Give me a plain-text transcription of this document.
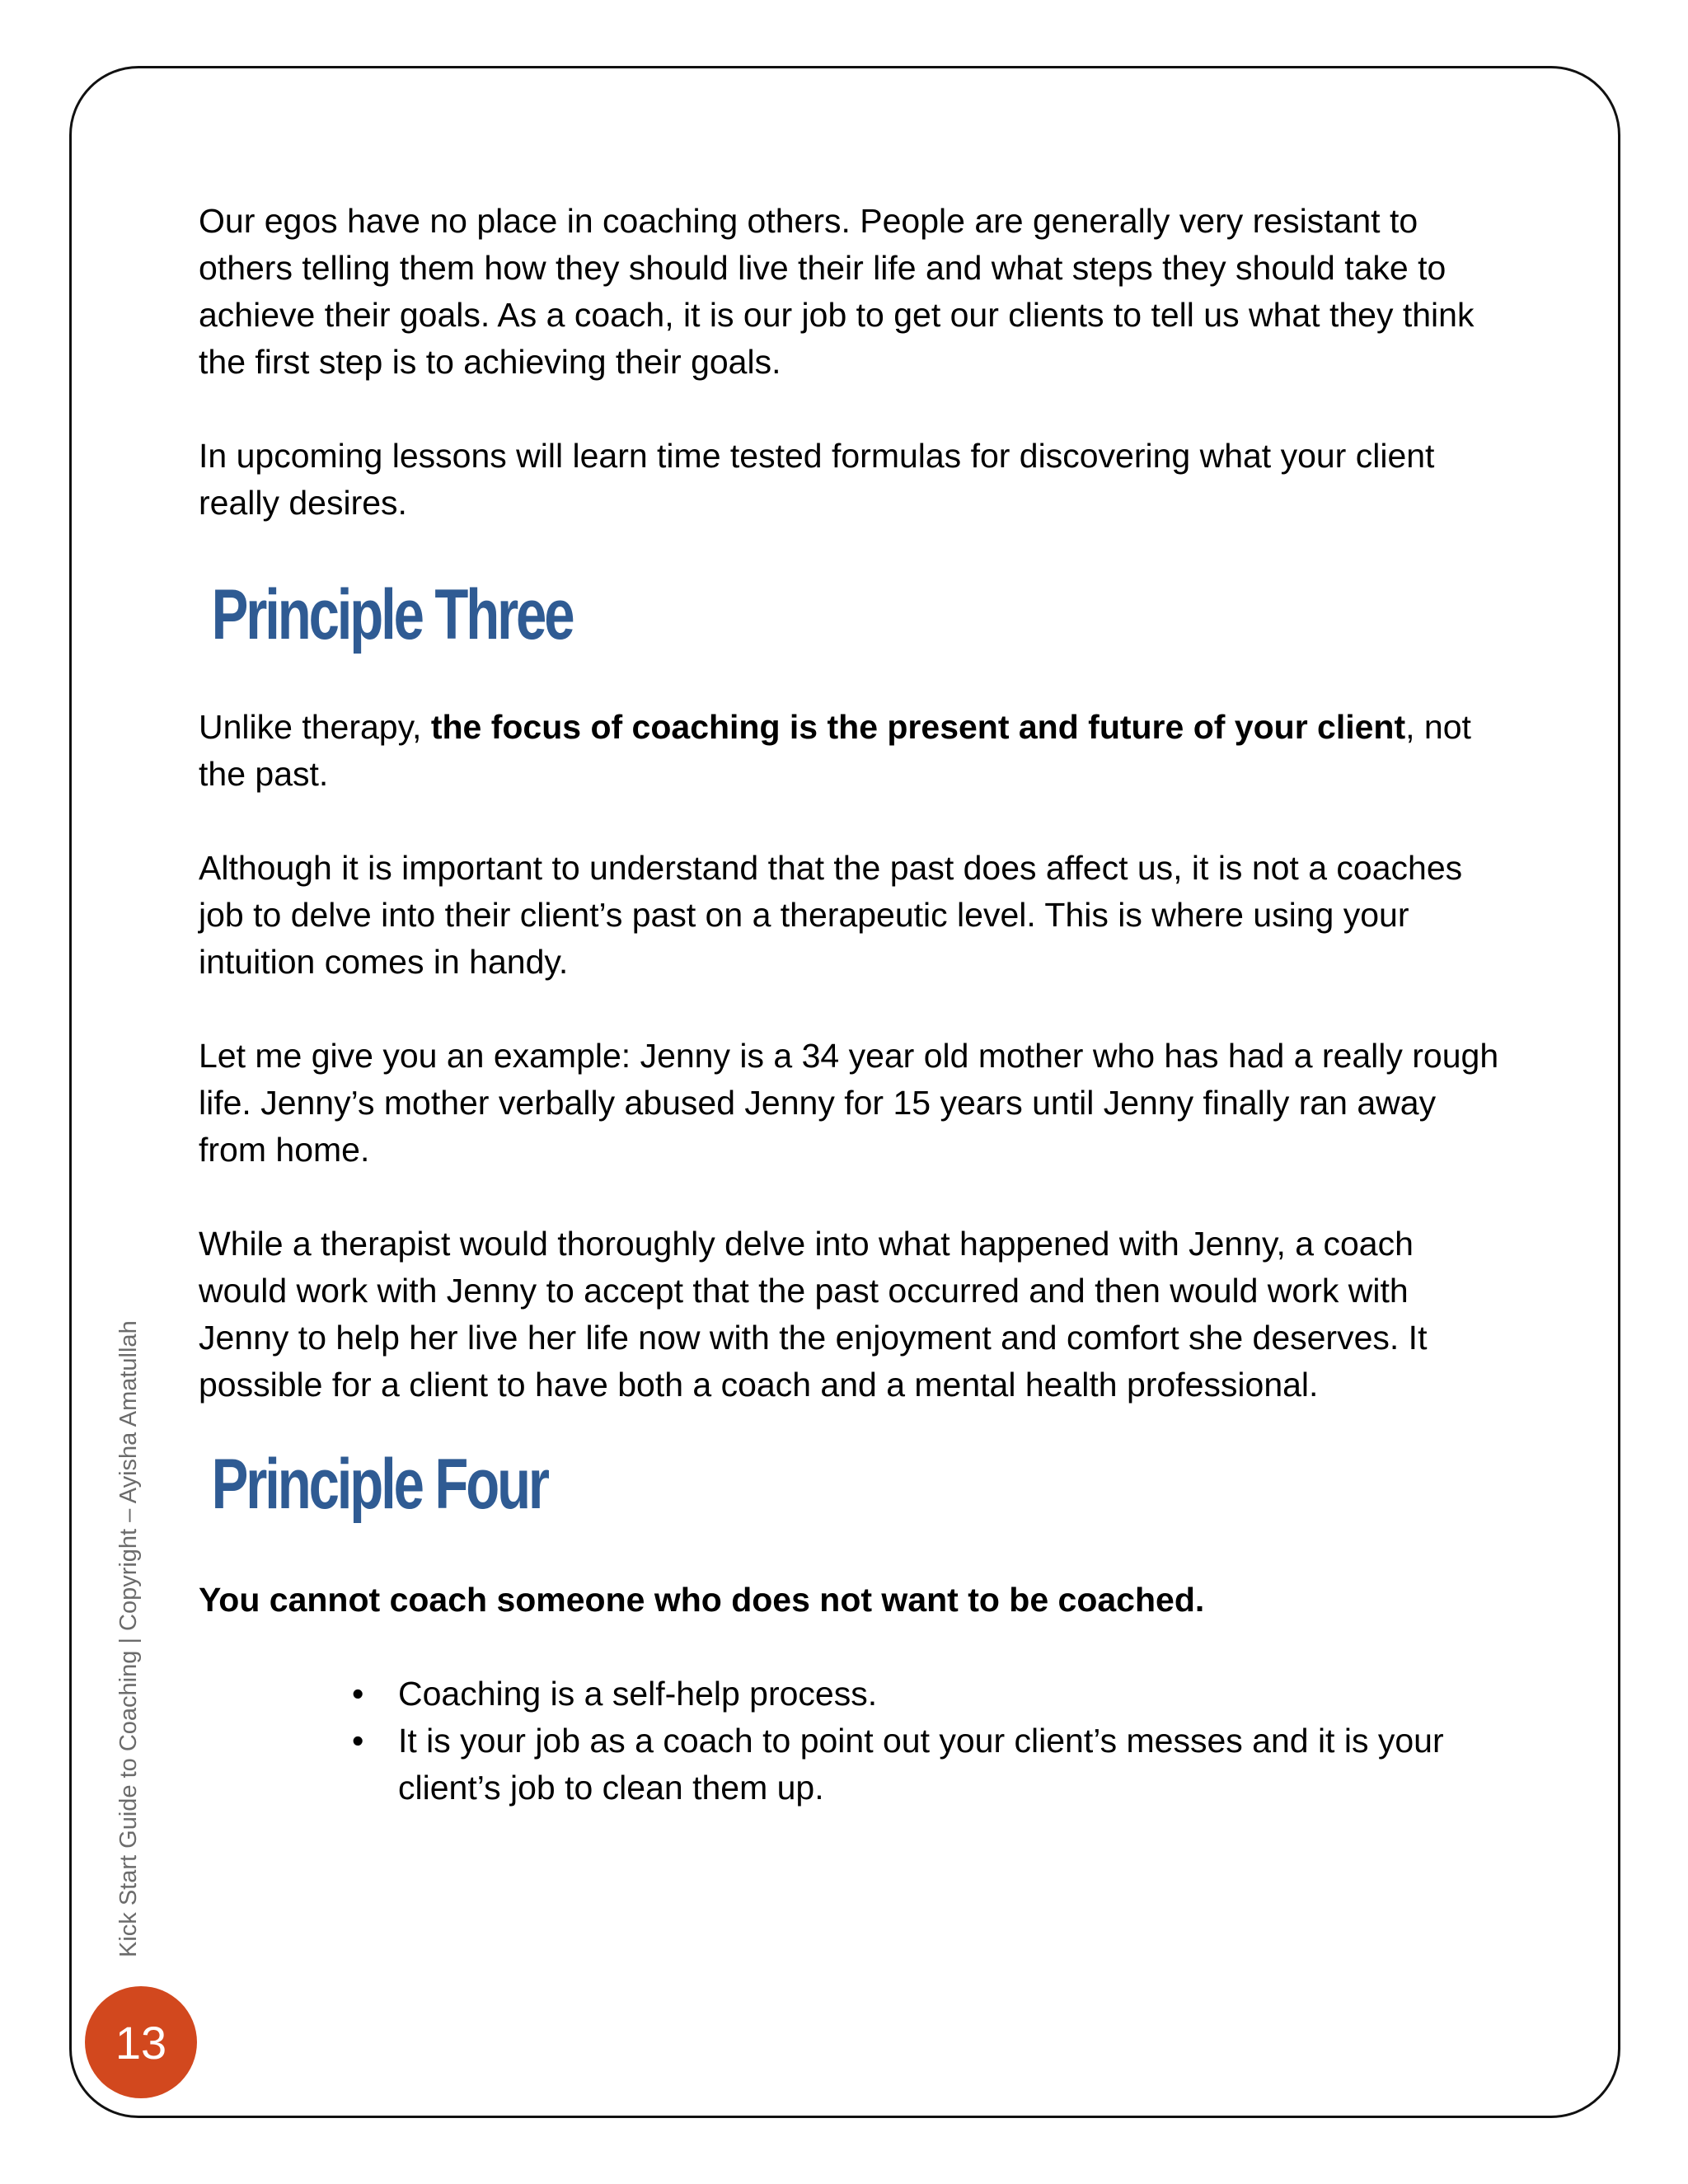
Our egos have no place in coaching others. People are generally very resistant to others telling them how they should live their life and what steps they should take to achieve their goals. As a coach, it is our job to get our clients to tell us what they think the first step is to achieving their goals.

In upcoming lessons will learn time tested formulas for discovering what your client really desires.

Principle Three

Unlike therapy, the focus of coaching is the present and future of your client, not the past.

Although it is important to understand that the past does affect us, it is not a coaches job to delve into their client’s past on a therapeutic level. This is where using your intuition comes in handy.

Let me give you an example: Jenny is a 34 year old mother who has had a really rough life. Jenny’s mother verbally abused Jenny for 15 years until Jenny finally ran away from home.

While a therapist would thoroughly delve into what happened with Jenny, a coach would work with Jenny to accept that the past occurred and then would work with Jenny to help her live her life now with the enjoyment and comfort she deserves. It possible for a client to have both a coach and a mental health professional.

Principle Four

You cannot coach someone who does not want to be coached.

• Coaching is a self-help process.
• It is your job as a coach to point out your client’s messes and it is your client’s job to clean them up.
Kick Start Guide to Coaching | Copyright – Ayisha Amatullah
13
